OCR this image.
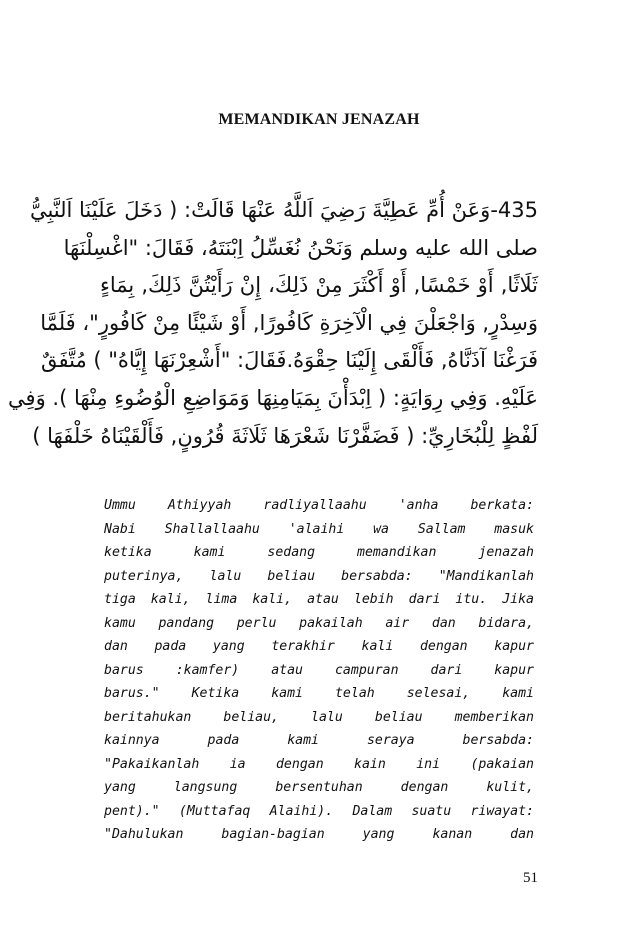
MEMANDIKAN JENAZAH
435-وَعَنْ أُمِّ عَطِيَّةَ رَضِيَ اَللَّهُ عَنْهَا قَالَتْ: ( دَخَلَ عَلَيْنَا اَلنَّبِيُّ
صلى الله عليه وسلم وَنَحْنُ نُغَسِّلُ اِبْنَتَهُ، فَقَالَ: "اغْسِلْنَهَا
ثَلَاثًا, أَوْ خَمْسًا, أَوْ أَكْثَرَ مِنْ ذَلِكَ، إِنْ رَأَيْتُنَّ ذَلِكَ, بِمَاءٍ
وَسِدْرٍ, وَاجْعَلْنَ فِي الْآخِرَةِ كَافُورًا, أَوْ شَيْئًا مِنْ كَافُورٍ"، فَلَمَّا
فَرَغْنَا آذَنَّاهُ, فَأَلْقَى إِلَيْنَا حِقْوَهُ.فَقَالَ: "أَشْعِرْنَهَا إِيَّاهُ" ) مُتَّفَقٌ
عَلَيْهِ. وَفِي رِوَايَةٍ: ( اِبْدَأْنَ بِمَيَامِنِهَا وَمَوَاضِعِ الْوُضُوءِ مِنْهَا ). وَفِي
لَفْظٍ لِلْبُخَارِيِّ: ( فَضَفَّرْنَا شَعْرَهَا ثَلَاثَةَ قُرُونٍ, فَأَلْقَيْنَاهُ خَلْفَهَا )
Ummu Athiyyah radliyallaahu 'anha berkata:
Nabi Shallallaahu 'alaihi wa Sallam masuk
ketika kami sedang memandikan jenazah
puterinya, lalu beliau bersabda: "Mandikanlah
tiga kali, lima kali, atau lebih dari itu. Jika
kamu pandang perlu pakailah air dan bidara,
dan pada yang terakhir kali dengan kapur
barus :kamfer) atau campuran dari kapur
barus." Ketika kami telah selesai, kami
beritahukan beliau, lalu beliau memberikan
kainnya pada kami seraya bersabda:
"Pakaikanlah ia dengan kain ini (pakaian
yang langsung bersentuhan dengan kulit,
pent)." (Muttafaq Alaihi). Dalam suatu riwayat:
"Dahulukan bagian-bagian yang kanan dan
51
